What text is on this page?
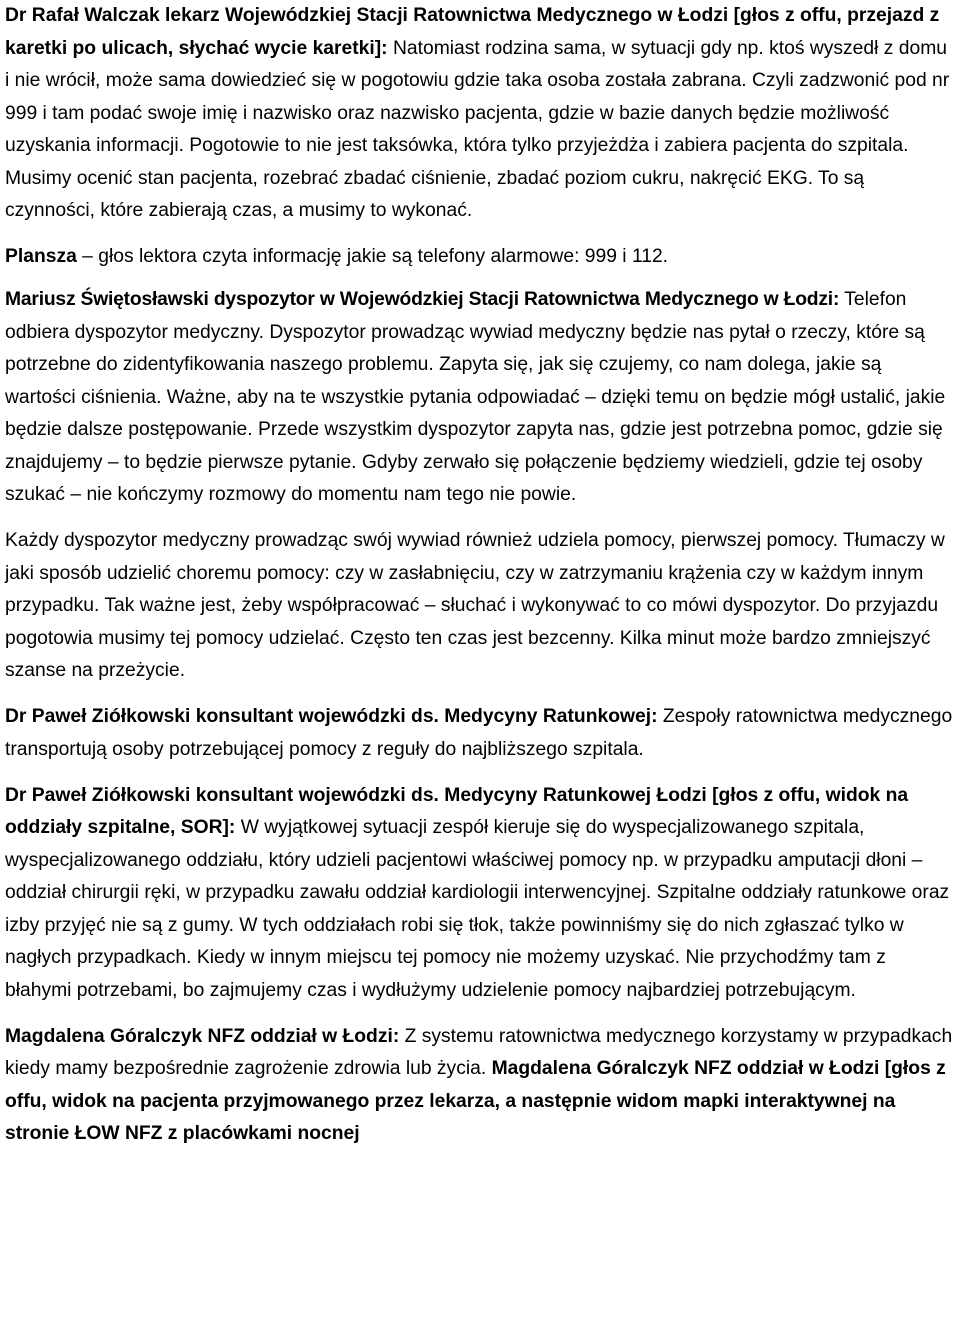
Dr Rafał Walczak lekarz Wojewódzkiej Stacji Ratownictwa Medycznego w Łodzi [głos z offu, przejazd z karetki po ulicach, słychać wycie karetki]: Natomiast rodzina sama, w sytuacji gdy np. ktoś wyszedł z domu i nie wrócił, może sama dowiedzieć się w pogotowiu gdzie taka osoba została zabrana. Czyli zadzwonić pod nr 999 i tam podać swoje imię i nazwisko oraz nazwisko pacjenta, gdzie w bazie danych będzie możliwość uzyskania informacji. Pogotowie to nie jest taksówka, która tylko przyjeżdża i zabiera pacjenta do szpitala. Musimy ocenić stan pacjenta, rozebrać zbadać ciśnienie, zbadać poziom cukru, nakręcić EKG. To są czynności, które zabierają czas, a musimy to wykonać.

Plansza – głos lektora czyta informację jakie są telefony alarmowe: 999 i 112.

Mariusz Świętosławski dyspozytor w Wojewódzkiej Stacji Ratownictwa Medycznego w Łodzi: Telefon odbiera dyspozytor medyczny. Dyspozytor prowadząc wywiad medyczny będzie nas pytał o rzeczy, które są potrzebne do zidentyfikowania naszego problemu. Zapyta się, jak się czujemy, co nam dolega, jakie są wartości ciśnienia. Ważne, aby na te wszystkie pytania odpowiadać – dzięki temu on będzie mógł ustalić, jakie będzie dalsze postępowanie. Przede wszystkim dyspozytor zapyta nas, gdzie jest potrzebna pomoc, gdzie się znajdujemy – to będzie pierwsze pytanie. Gdyby zerwało się połączenie będziemy wiedzieli, gdzie tej osoby szukać – nie kończymy rozmowy do momentu nam tego nie powie.

Każdy dyspozytor medyczny prowadząc swój wywiad również udziela pomocy, pierwszej pomocy. Tłumaczy w jaki sposób udzielić choremu pomocy: czy w zasłabnięciu, czy w zatrzymaniu krążenia czy w każdym innym przypadku. Tak ważne jest, żeby współpracować – słuchać i wykonywać to co mówi dyspozytor. Do przyjazdu pogotowia musimy tej pomocy udzielać. Często ten czas jest bezcenny. Kilka minut może bardzo zmniejszyć szanse na przeżycie.

Dr Paweł Ziółkowski konsultant wojewódzki ds. Medycyny Ratunkowej: Zespoły ratownictwa medycznego transportują osoby potrzebującej pomocy z reguły do najbliższego szpitala.

Dr Paweł Ziółkowski konsultant wojewódzki ds. Medycyny Ratunkowej Łodzi [głos z offu, widok na oddziały szpitalne, SOR]: W wyjątkowej sytuacji zespół kieruje się do wyspecjalizowanego szpitala, wyspecjalizowanego oddziału, który udzieli pacjentowi właściwej pomocy np. w przypadku amputacji dłoni – oddział chirurgii ręki, w przypadku zawału oddział kardiologii interwencyjnej. Szpitalne oddziały ratunkowe oraz izby przyjęć nie są z gumy. W tych oddziałach robi się tłok, także powinniśmy się do nich zgłaszać tylko w nagłych przypadkach. Kiedy w innym miejscu tej pomocy nie możemy uzyskać. Nie przychodźmy tam z błahymi potrzebami, bo zajmujemy czas i wydłużymy udzielenie pomocy najbardziej potrzebującym.

Magdalena Góralczyk NFZ oddział w Łodzi: Z systemu ratownictwa medycznego korzystamy w przypadkach kiedy mamy bezpośrednie zagrożenie zdrowia lub życia. Magdalena Góralczyk NFZ oddział w Łodzi [głos z offu, widok na pacjenta przyjmowanego przez lekarza, a następnie widom mapki interaktywnej na stronie ŁOW NFZ z placówkami nocnej
